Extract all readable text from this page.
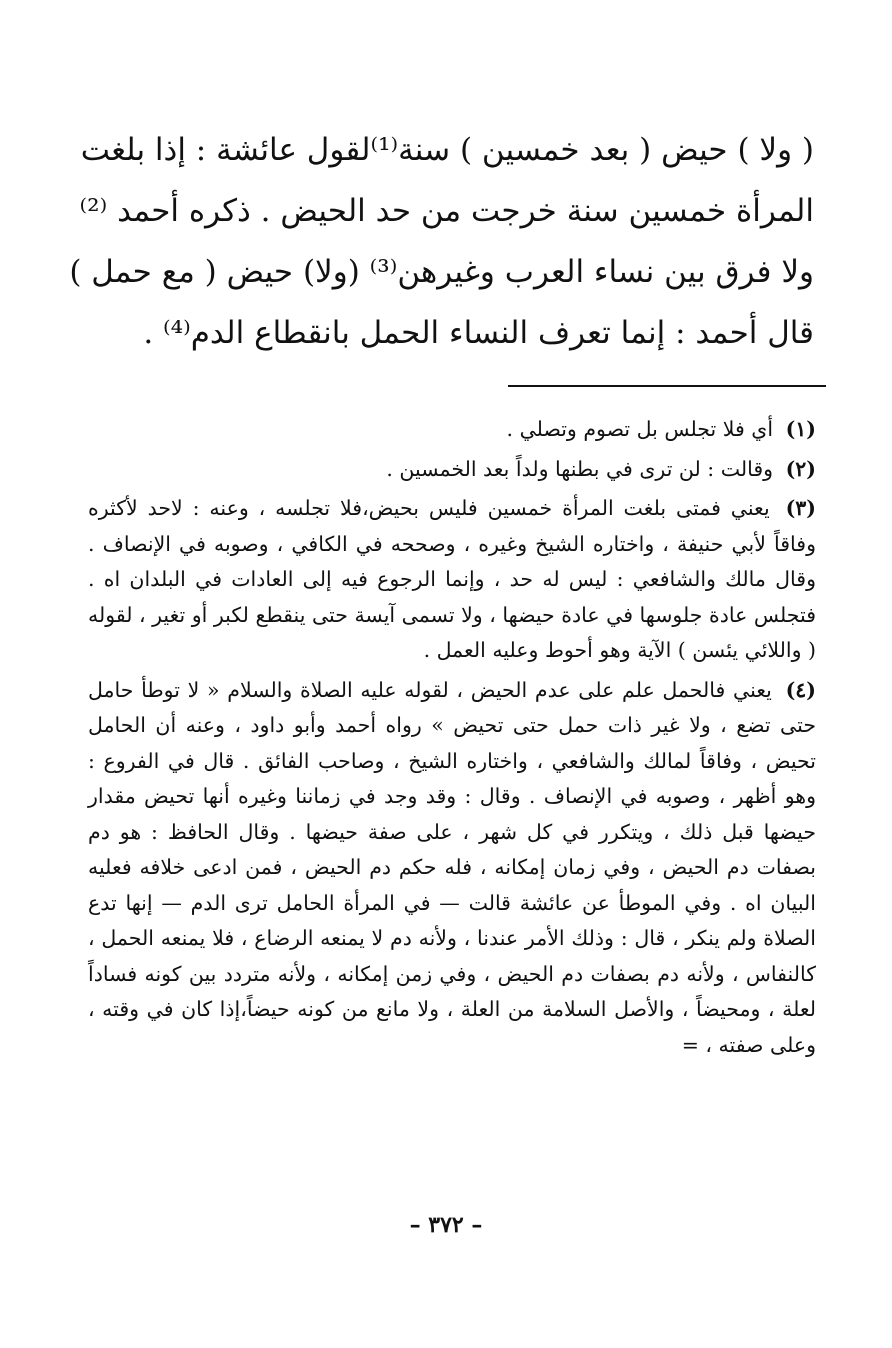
( ولا ) حيض ( بعد خمسين ) سنة⁽¹⁾لقول عائشة : إذا بلغت
المرأة خمسين سنة خرجت من حد الحيض . ذكره أحمد ⁽²⁾
ولا فرق بين نساء العرب وغيرهن⁽³⁾ (ولا) حيض ( مع حمل )
قال أحمد : إنما تعرف النساء الحمل بانقطاع الدم⁽⁴⁾ .

(١) أي فلا تجلس بل تصوم وتصلي .

(٢) وقالت : لن ترى في بطنها ولداً بعد الخمسين .

(٣) يعني فمتى بلغت المرأة خمسين فليس بحيض،فلا تجلسه ، وعنه : لاحد لأكثره وفاقاً لأبي حنيفة ، واختاره الشيخ وغيره ، وصححه في الكافي ، وصوبه في الإنصاف . وقال مالك والشافعي : ليس له حد ، وإنما الرجوع فيه إلى العادات في البلدان اه . فتجلس عادة جلوسها في عادة حيضها ، ولا تسمى آيسة حتى ينقطع لكبر أو تغير ، لقوله ( واللائي يئسن ) الآية وهو أحوط وعليه العمل .

(٤) يعني فالحمل علم على عدم الحيض ، لقوله عليه الصلاة والسلام « لا توطأ حامل حتى تضع ، ولا غير ذات حمل حتى تحيض » رواه أحمد وأبو داود ، وعنه أن الحامل تحيض ، وفاقاً لمالك والشافعي ، واختاره الشيخ ، وصاحب الفائق . قال في الفروع : وهو أظهر ، وصوبه في الإنصاف . وقال : وقد وجد في زماننا وغيره أنها تحيض مقدار حيضها قبل ذلك ، ويتكرر في كل شهر ، على صفة حيضها . وقال الحافظ : هو دم بصفات دم الحيض ، وفي زمان إمكانه ، فله حكم دم الحيض ، فمن ادعى خلافه فعليه البيان اه . وفي الموطأ عن عائشة قالت — في المرأة الحامل ترى الدم — إنها تدع الصلاة ولم ينكر ، قال : وذلك الأمر عندنا ، ولأنه دم لا يمنعه الرضاع ، فلا يمنعه الحمل ، كالنفاس ، ولأنه دم بصفات دم الحيض ، وفي زمن إمكانه ، ولأنه متردد بين كونه فساداً لعلة ، ومحيضاً ، والأصل السلامة من العلة ، ولا مانع من كونه حيضاً،إذا كان في وقته ، وعلى صفته ، =

– ٣٧٢ –
